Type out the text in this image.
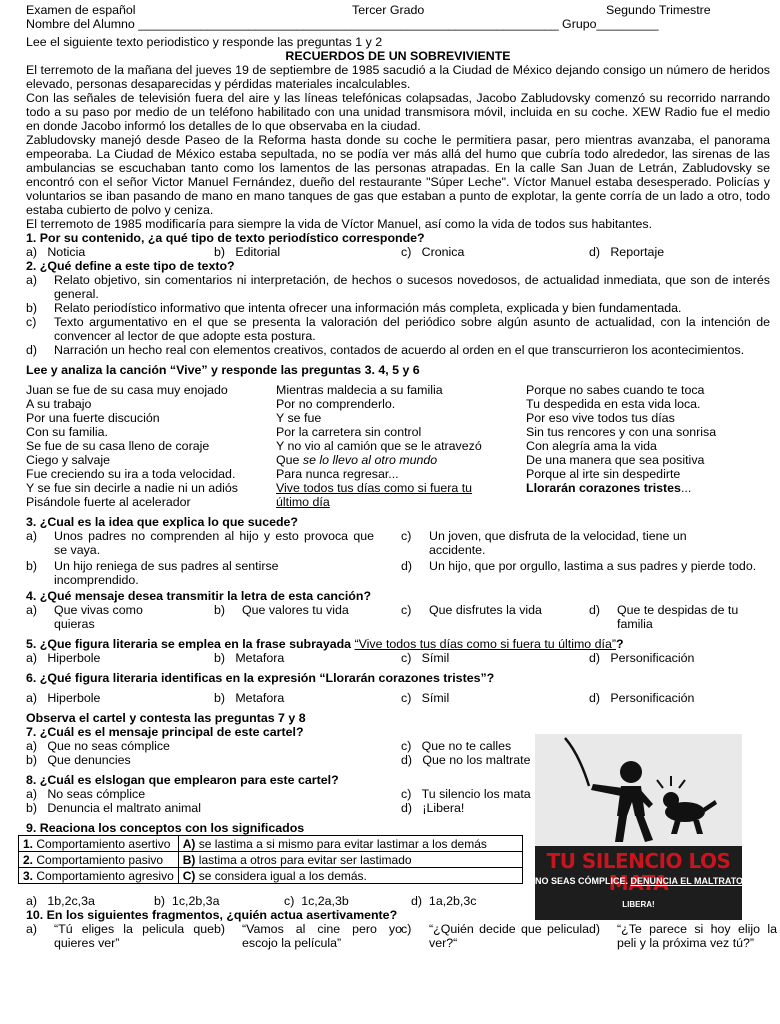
Examen de español	Tercer Grado	Segundo Trimestre
Nombre del Alumno _____________________________________________________________ Grupo_________
Lee el siguiente texto periodistico y responde las preguntas 1 y 2
RECUERDOS DE UN SOBREVIVIENTE

El terremoto de la mañana del jueves 19 de septiembre de 1985 sacudió a la Ciudad de México dejando consigo un número de heridos elevado, personas desaparecidas y pérdidas materiales incalculables.

Con las señales de televisión fuera del aire y las líneas telefónicas colapsadas, Jacobo Zabludovsky comenzó su recorrido narrando todo a su paso por medio de un teléfono habilitado con una unidad transmisora móvil, incluida en su coche. XEW Radio fue el medio en donde Jacobo informó los detalles de lo que observaba en la ciudad.

Zabludovsky manejó desde Paseo de la Reforma hasta donde su coche le permitiera pasar, pero mientras avanzaba, el panorama empeoraba. La Ciudad de México estaba sepultada, no se podía ver más allá del humo que cubría todo alrededor, las sirenas de las ambulancias se escuchaban tanto como los lamentos de las personas atrapadas. En la calle San Juan de Letrán, Zabludovsky se encontró con el señor Victor Manuel Fernández, dueño del restaurante "Súper Leche". Víctor Manuel estaba desesperado. Policías y voluntarios se iban pasando de mano en mano tanques de gas que estaban a punto de explotar, la gente corría de un lado a otro, todo estaba cubierto de polvo y ceniza.

El terremoto de 1985 modificaría para siempre la vida de Víctor Manuel, así como la vida de todos sus habitantes.

1. Por su contenido, ¿a qué tipo de texto periodístico corresponde?
a) Noticia	b) Editorial	c) Cronica	d) Reportaje
2. ¿Qué define a este tipo de texto?
a) Relato objetivo, sin comentarios ni interpretación, de hechos o sucesos novedosos, de actualidad inmediata, que son de interés general.
b) Relato periodístico informativo que intenta ofrecer una información más completa, explicada y bien fundamentada.
c) Texto argumentativo en el que se presenta la valoración del periódico sobre algún asunto de actualidad, con la intención de convencer al lector de que adopte esta postura.
d) Narración un hecho real con elementos creativos, contados de acuerdo al orden en el que transcurrieron los acontecimientos.
Lee y analiza la canción “Vive” y responde las preguntas 3. 4, 5 y 6
Juan se fue de su casa muy enojado
A su trabajo
Por una fuerte discución
Con su familia.
Se fue de su casa lleno de coraje
Ciego y salvaje
Fue creciendo su ira a toda velocidad.
Y se fue sin decirle a nadie ni un adiós
Pisándole fuerte al acelerador
Mientras maldecia a su familia
Por no comprenderlo.
Y se fue
Por la carretera sin control
Y no vio al camión que se le atravezó
Que se lo llevo al otro mundo
Para nunca regresar...
Vive todos tus días como si fuera tu
último día
Porque no sabes cuando te toca
Tu despedida en esta vida loca.
Por eso vive todos tus días
Sin tus rencores y con una sonrisa
Con alegría ama la vida
De una manera que sea positiva
Porque al irte sin despedirte
Llorarán corazones tristes...
3. ¿Cual es la idea que explica lo que sucede?
a) Unos padres no comprenden al hijo y esto provoca que se vaya.
c) Un joven, que disfruta de la velocidad, tiene un accidente.
b) Un hijo reniega de sus padres al sentirse incomprendido.
d) Un hijo, que por orgullo, lastima a sus padres y pierde todo.
4. ¿Qué mensaje desea transmitir la letra de esta canción?
a) Que vivas como quieras
b) Que valores tu vida	c) Que disfrutes la vida	d) Que te despidas de tu familia
5. ¿Que figura literaria se emplea en la frase subrayada “Vive todos tus días como si fuera tu último día”?
a) Hiperbole	b) Metafora	c) Símil	d) Personificación
6. ¿Qué figura literaria identificas en la expresión “Llorarán corazones tristes”?
a) Hiperbole	b) Metafora	c) Símil	d) Personificación
Observa el cartel y contesta las preguntas 7 y 8
7. ¿Cuál es el mensaje principal de este cartel?
a) Que no seas cómplice	c) Que no te calles
b) Que denuncies	d) Que no los maltrate
8. ¿Cuál es elslogan que emplearon para este cartel?
a) No seas cómplice	c) Tu silencio los mata
b) Denuncia el maltrato animal	d) ¡Libera!
9. Reaciona los conceptos con los significados
1. Comportamiento asertivo	A) se lastima a si mismo para evitar lastimar a los demás
2. Comportamiento pasivo	B) lastima a otros para evitar ser lastimado
3. Comportamiento agresivo	C) se considera igual a los demás.
a) 1b,2c,3a	b) 1c,2b,3a	c) 1c,2a,3b	d) 1a,2b,3c
10. En los siguientes fragmentos, ¿quién actua asertivamente?
a) “Tú eliges la pelicula que quieres ver”
b) “Vamos al cine pero yo escojo la película”
c) “¿Quién decide que pelicula ver?“
d) “¿Te parece si hoy elijo la peli y la próxima vez tú?”
TU SILENCIO LOS MATA
NO SEAS CÓMPLICE. DENUNCIA EL MALTRATO ANIMAL
LIBERA!
